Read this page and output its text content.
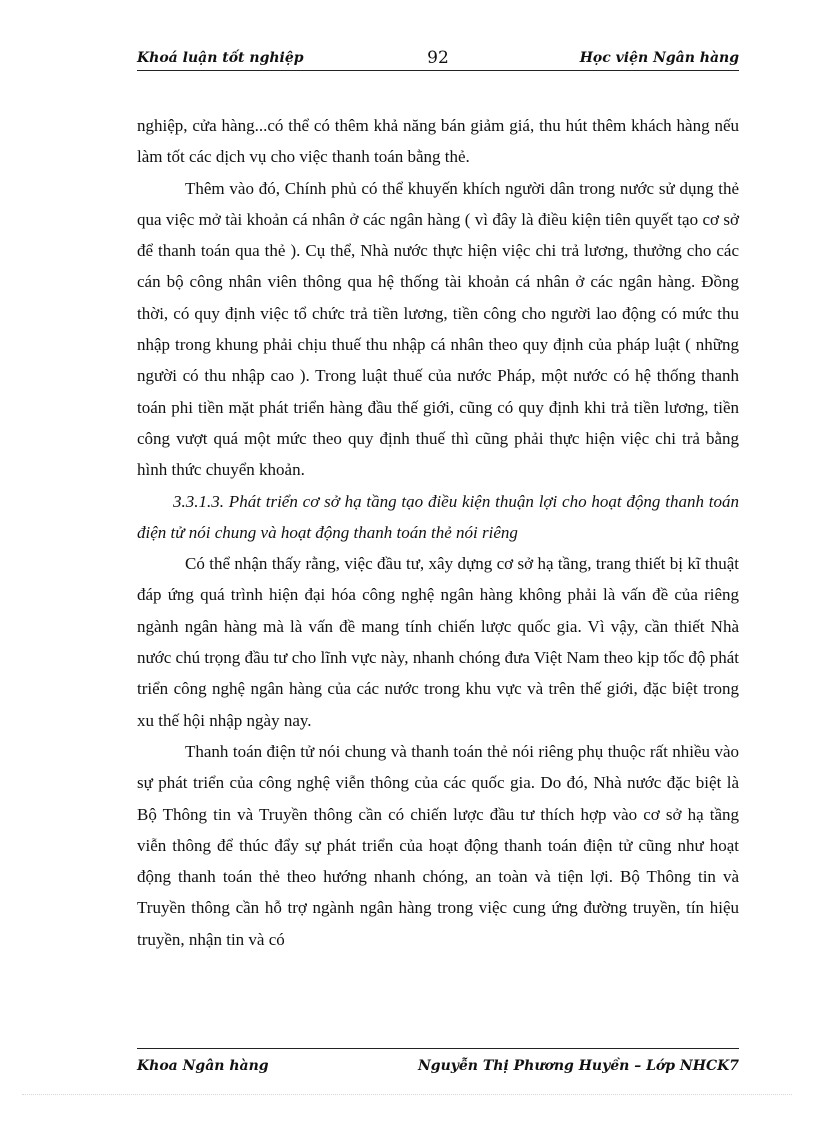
Khoá luận tốt nghiệp	92	Học viện Ngân hàng

nghiệp, cửa hàng...có thể có thêm khả năng bán giảm giá, thu hút thêm khách hàng nếu làm tốt các dịch vụ cho việc thanh toán bằng thẻ.

Thêm vào đó, Chính phủ có thể khuyến khích người dân trong nước sử dụng thẻ qua việc mở tài khoản cá nhân ở các ngân hàng ( vì đây là điều kiện tiên quyết tạo cơ sở để thanh toán qua thẻ ). Cụ thể, Nhà nước thực hiện việc chi trả lương, thưởng cho các cán bộ công nhân viên thông qua hệ thống tài khoản cá nhân ở các ngân hàng. Đồng thời, có quy định việc tổ chức trả tiền lương, tiền công cho người lao động có mức thu nhập trong khung phải chịu thuế thu nhập cá nhân theo quy định của pháp luật ( những người có thu nhập cao ). Trong luật thuế của nước Pháp, một nước có hệ thống thanh toán phi tiền mặt phát triển hàng đầu thế giới, cũng có quy định khi trả tiền lương, tiền công vượt quá một mức theo quy định thuế thì cũng phải thực hiện việc chi trả bằng hình thức chuyển khoản.

3.3.1.3. Phát triển cơ sở hạ tầng tạo điều kiện thuận lợi cho hoạt động thanh toán điện tử nói chung và hoạt động thanh toán thẻ nói riêng

Có thể nhận thấy rằng, việc đầu tư, xây dựng cơ sở hạ tầng, trang thiết bị kĩ thuật đáp ứng quá trình hiện đại hóa công nghệ ngân hàng không phải là vấn đề của riêng ngành ngân hàng mà là vấn đề mang tính chiến lược quốc gia. Vì vậy, cần thiết Nhà nước chú trọng đầu tư cho lĩnh vực này, nhanh chóng đưa Việt Nam theo kịp tốc độ phát triển công nghệ ngân hàng của các nước trong khu vực và trên thế giới, đặc biệt trong xu thế hội nhập ngày nay.

Thanh toán điện tử nói chung và thanh toán thẻ nói riêng phụ thuộc rất nhiều vào sự phát triển của công nghệ viễn thông của các quốc gia. Do đó, Nhà nước đặc biệt là Bộ Thông tin và Truyền thông cần có chiến lược đầu tư thích hợp vào cơ sở hạ tầng viễn thông để thúc đẩy sự phát triển của hoạt động thanh toán điện tử cũng như hoạt động thanh toán thẻ theo hướng nhanh chóng, an toàn và tiện lợi. Bộ Thông tin và Truyền thông cần hỗ trợ ngành ngân hàng trong việc cung ứng đường truyền, tín hiệu truyền, nhận tin và có

Khoa Ngân hàng	Nguyễn Thị Phương Huyền – Lớp NHCK7
